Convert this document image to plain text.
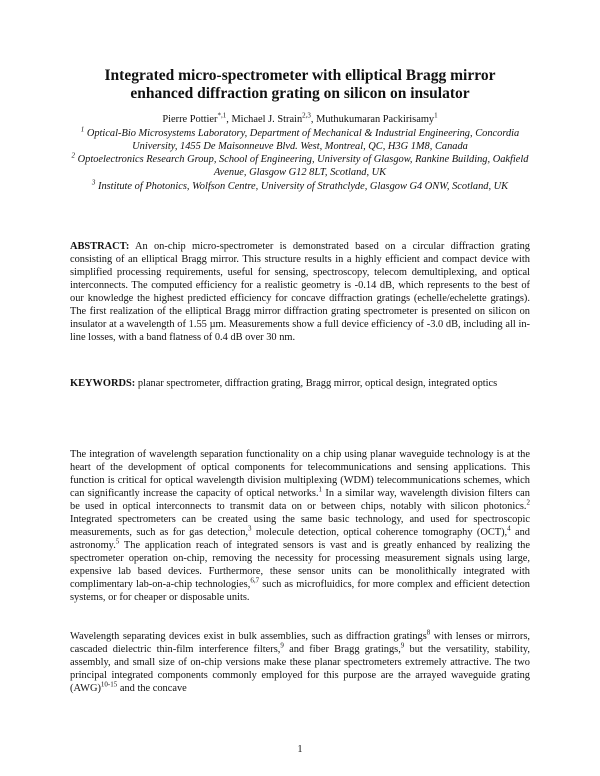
Integrated micro-spectrometer with elliptical Bragg mirror
enhanced diffraction grating on silicon on insulator
Pierre Pottier$^{*,1}$, Michael J. Strain$^{2,3}$, Muthukumaran Packirisamy$^1$
$^1$ Optical-Bio Microsystems Laboratory, Department of Mechanical & Industrial Engineering, Concordia University, 1455 De Maisonneuve Blvd. West, Montreal, QC, H3G 1M8, Canada
$^2$ Optoelectronics Research Group, School of Engineering, University of Glasgow, Rankine Building, Oakfield Avenue, Glasgow G12 8LT, Scotland, UK
$^3$ Institute of Photonics, Wolfson Centre, University of Strathclyde, Glasgow G4 ONW, Scotland, UK
ABSTRACT: An on-chip micro-spectrometer is demonstrated based on a circular diffraction grating consisting of an elliptical Bragg mirror. This structure results in a highly efficient and compact device with simplified processing requirements, useful for sensing, spectroscopy, telecom demultiplexing, and optical interconnects. The computed efficiency for a realistic geometry is -0.14 dB, which represents to the best of our knowledge the highest predicted efficiency for concave diffraction gratings (echelle/echelette gratings). The first realization of the elliptical Bragg mirror diffraction grating spectrometer is presented on silicon on insulator at a wavelength of 1.55 µm. Measurements show a full device efficiency of -3.0 dB, including all in-line losses, with a band flatness of 0.4 dB over 30 nm.
KEYWORDS: planar spectrometer, diffraction grating, Bragg mirror, optical design, integrated optics
The integration of wavelength separation functionality on a chip using planar waveguide technology is at the heart of the development of optical components for telecommunications and sensing applications. This function is critical for optical wavelength division multiplexing (WDM) telecommunications schemes, which can significantly increase the capacity of optical networks.$^1$ In a similar way, wavelength division filters can be used in optical interconnects to transmit data on or between chips, notably with silicon photonics.$^2$ Integrated spectrometers can be created using the same basic technology, and used for spectroscopic measurements, such as for gas detection,$^3$ molecule detection, optical coherence tomography (OCT),$^4$ and astronomy.$^5$ The application reach of integrated sensors is vast and is greatly enhanced by realizing the spectrometer operation on-chip, removing the necessity for processing measurement signals using large, expensive lab based devices. Furthermore, these sensor units can be monolithically integrated with complimentary lab-on-a-chip technologies,$^{6,7}$ such as microfluidics, for more complex and efficient detection systems, or for cheaper or disposable units.
Wavelength separating devices exist in bulk assemblies, such as diffraction gratings$^8$ with lenses or mirrors, cascaded dielectric thin-film interference filters,$^9$ and fiber Bragg gratings,$^9$ but the versatility, stability, assembly, and small size of on-chip versions make these planar spectrometers extremely attractive. The two principal integrated components commonly employed for this purpose are the arrayed waveguide grating (AWG)$^{10-15}$ and the concave
1
